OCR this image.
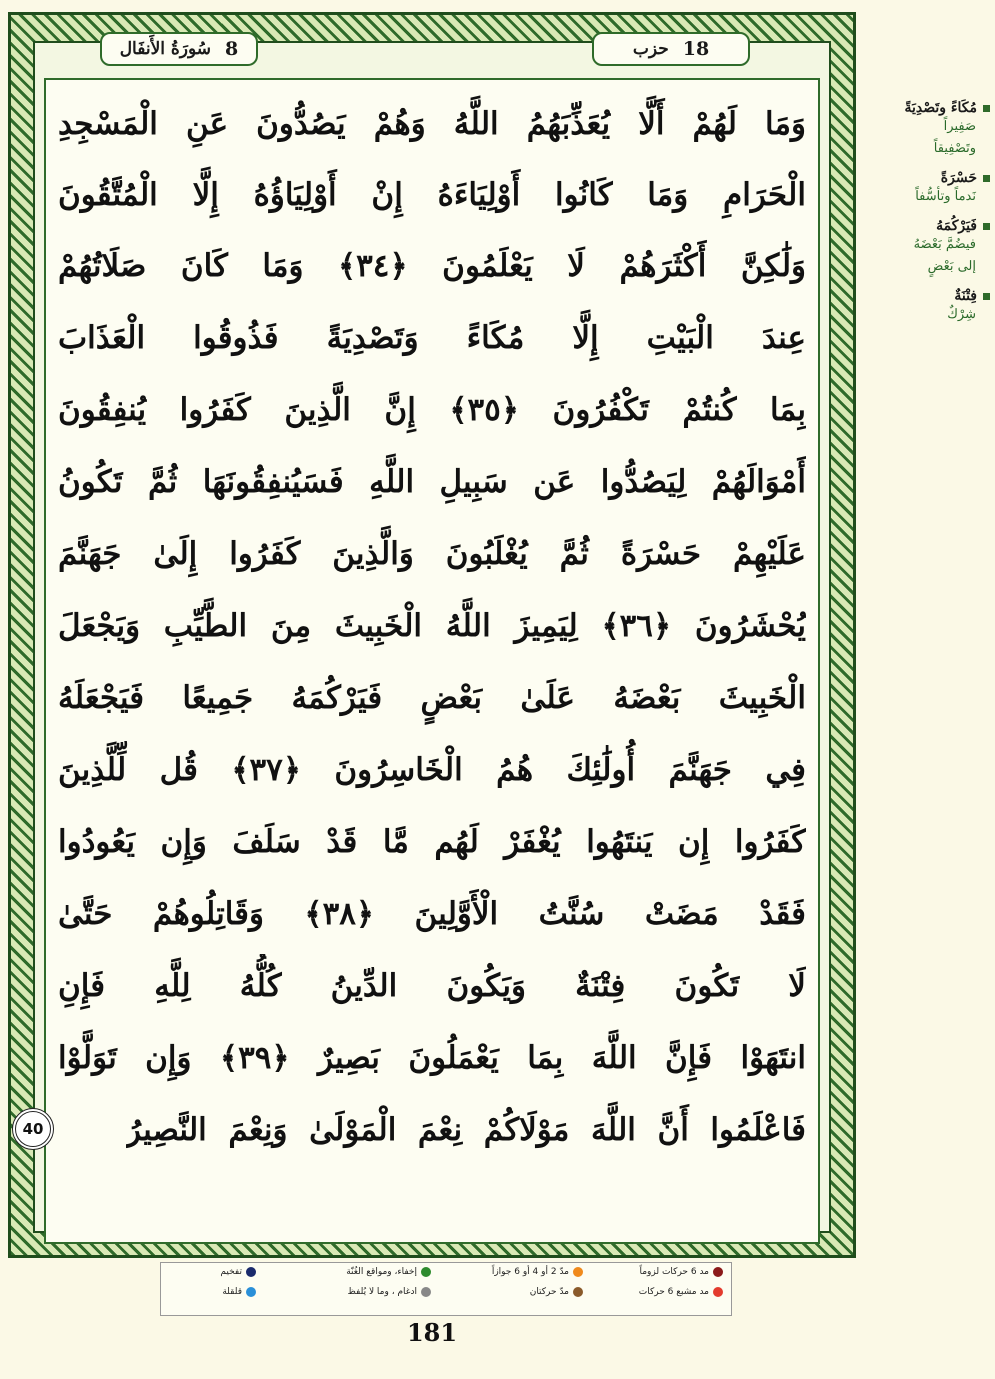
سُورَةُ الأَنفَال 8	حزب 18
وَمَا لَهُمْ أَلَّا يُعَذِّبَهُمُ اللَّهُ وَهُمْ يَصُدُّونَ عَنِ الْمَسْجِدِ
الْحَرَامِ وَمَا كَانُوا أَوْلِيَاءَهُ إِنْ أَوْلِيَاؤُهُ إِلَّا الْمُتَّقُونَ
وَلَٰكِنَّ أَكْثَرَهُمْ لَا يَعْلَمُونَ ﴿٣٤﴾ وَمَا كَانَ صَلَاتُهُمْ
عِندَ الْبَيْتِ إِلَّا مُكَاءً وَتَصْدِيَةً فَذُوقُوا الْعَذَابَ
بِمَا كُنتُمْ تَكْفُرُونَ ﴿٣٥﴾ إِنَّ الَّذِينَ كَفَرُوا يُنفِقُونَ
أَمْوَالَهُمْ لِيَصُدُّوا عَن سَبِيلِ اللَّهِ فَسَيُنفِقُونَهَا ثُمَّ تَكُونُ
عَلَيْهِمْ حَسْرَةً ثُمَّ يُغْلَبُونَ وَالَّذِينَ كَفَرُوا إِلَىٰ جَهَنَّمَ
يُحْشَرُونَ ﴿٣٦﴾ لِيَمِيزَ اللَّهُ الْخَبِيثَ مِنَ الطَّيِّبِ وَيَجْعَلَ
الْخَبِيثَ بَعْضَهُ عَلَىٰ بَعْضٍ فَيَرْكُمَهُ جَمِيعًا فَيَجْعَلَهُ
فِي جَهَنَّمَ أُولَٰئِكَ هُمُ الْخَاسِرُونَ ﴿٣٧﴾ قُل لِّلَّذِينَ
كَفَرُوا إِن يَنتَهُوا يُغْفَرْ لَهُم مَّا قَدْ سَلَفَ وَإِن يَعُودُوا
فَقَدْ مَضَتْ سُنَّتُ الْأَوَّلِينَ ﴿٣٨﴾ وَقَاتِلُوهُمْ حَتَّىٰ
لَا تَكُونَ فِتْنَةٌ وَيَكُونَ الدِّينُ كُلُّهُ لِلَّهِ فَإِنِ
انتَهَوْا فَإِنَّ اللَّهَ بِمَا يَعْمَلُونَ بَصِيرٌ ﴿٣٩﴾ وَإِن تَوَلَّوْا
فَاعْلَمُوا أَنَّ اللَّهَ مَوْلَاكُمْ نِعْمَ الْمَوْلَىٰ وَنِعْمَ النَّصِيرُ
40
مُكَاءً وتَصْدِيَةً
صَفِيراً
وتَصْفِيقاً
حَسْرَةً
نَدماً وتأسُّفاً
فَيَرْكُمَهُ
فيضُمَّ بَعْضَهُ
إلى بَعْضٍ
فِتْنَةٌ
شِرْكٌ
مد 6 حركات لزوماً
مد مشبع 6 حركات
مدّ 2 أو 4 أو 6 جوازاً
مدّ حركتان
إخفاء، ومواقع الغُنّة
ادغام ، وما لا يُلفظ
تفخيم
قلقلة
181
